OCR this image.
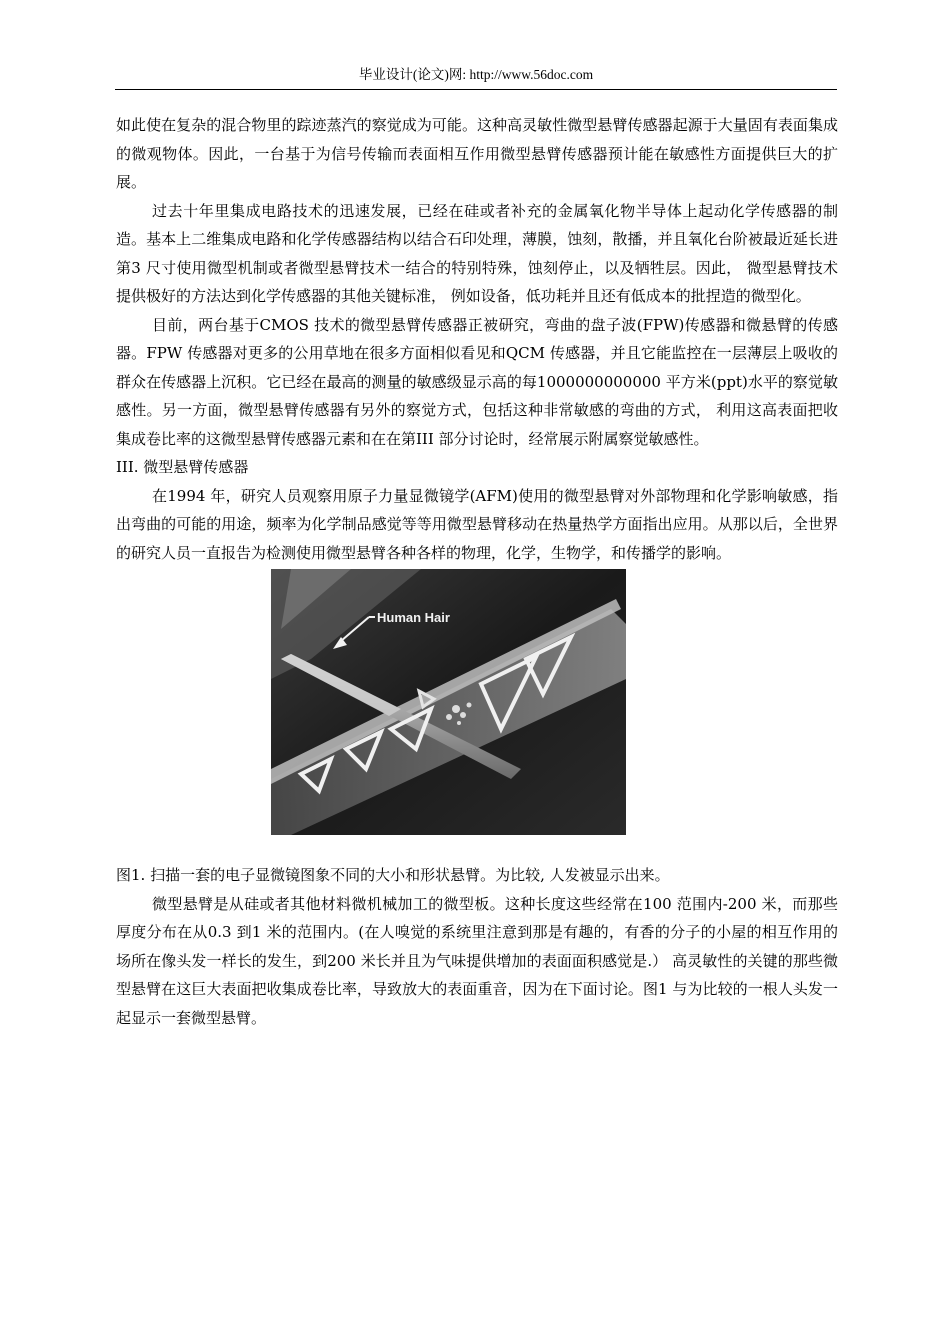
毕业设计(论文)网: http://www.56doc.com

如此使在复杂的混合物里的踪迹蒸汽的察觉成为可能。这种高灵敏性微型悬臂传感器起源于大量固有表面集成的微观物体。因此，一台基于为信号传输而表面相互作用微型悬臂传感器预计能在敏感性方面提供巨大的扩展。

过去十年里集成电路技术的迅速发展，已经在硅或者补充的金属氧化物半导体上起动化学传感器的制造。基本上二维集成电路和化学传感器结构以结合石印处理，薄膜，蚀刻，散播，并且氧化台阶被最近延长进第3 尺寸使用微型机制或者微型悬臂技术一结合的特别特殊，蚀刻停止，以及牺牲层。因此， 微型悬臂技术提供极好的方法达到化学传感器的其他关键标准， 例如设备，低功耗并且还有低成本的批捏造的微型化。

目前，两台基于CMOS 技术的微型悬臂传感器正被研究，弯曲的盘子波(FPW)传感器和微悬臂的传感器。FPW 传感器对更多的公用草地在很多方面相似看见和QCM 传感器，并且它能监控在一层薄层上吸收的群众在传感器上沉积。它已经在最高的测量的敏感级显示高的每1000000000000 平方米(ppt)水平的察觉敏感性。另一方面，微型悬臂传感器有另外的察觉方式，包括这种非常敏感的弯曲的方式， 利用这高表面把收集成卷比率的这微型悬臂传感器元素和在在第III 部分讨论时，经常展示附属察觉敏感性。

III. 微型悬臂传感器

在1994 年，研究人员观察用原子力量显微镜学(AFM)使用的微型悬臂对外部物理和化学影响敏感，指出弯曲的可能的用途，频率为化学制品感觉等等用微型悬臂移动在热量热学方面指出应用。从那以后，全世界的研究人员一直报告为检测使用微型悬臂各种各样的物理，化学，生物学，和传播学的影响。

Human Hair

图1. 扫描一套的电子显微镜图象不同的大小和形状悬臂。为比较, 人发被显示出来。

微型悬臂是从硅或者其他材料微机械加工的微型板。这种长度这些经常在100 范围内-200 米，而那些厚度分布在从0.3 到1 米的范围内。(在人嗅觉的系统里注意到那是有趣的，有香的分子的小屋的相互作用的场所在像头发一样长的发生，到200 米长并且为气味提供增加的表面面积感觉是.） 高灵敏性的关键的那些微型悬臂在这巨大表面把收集成卷比率，导致放大的表面重音，因为在下面讨论。图1 与为比较的一根人头发一起显示一套微型悬臂。
